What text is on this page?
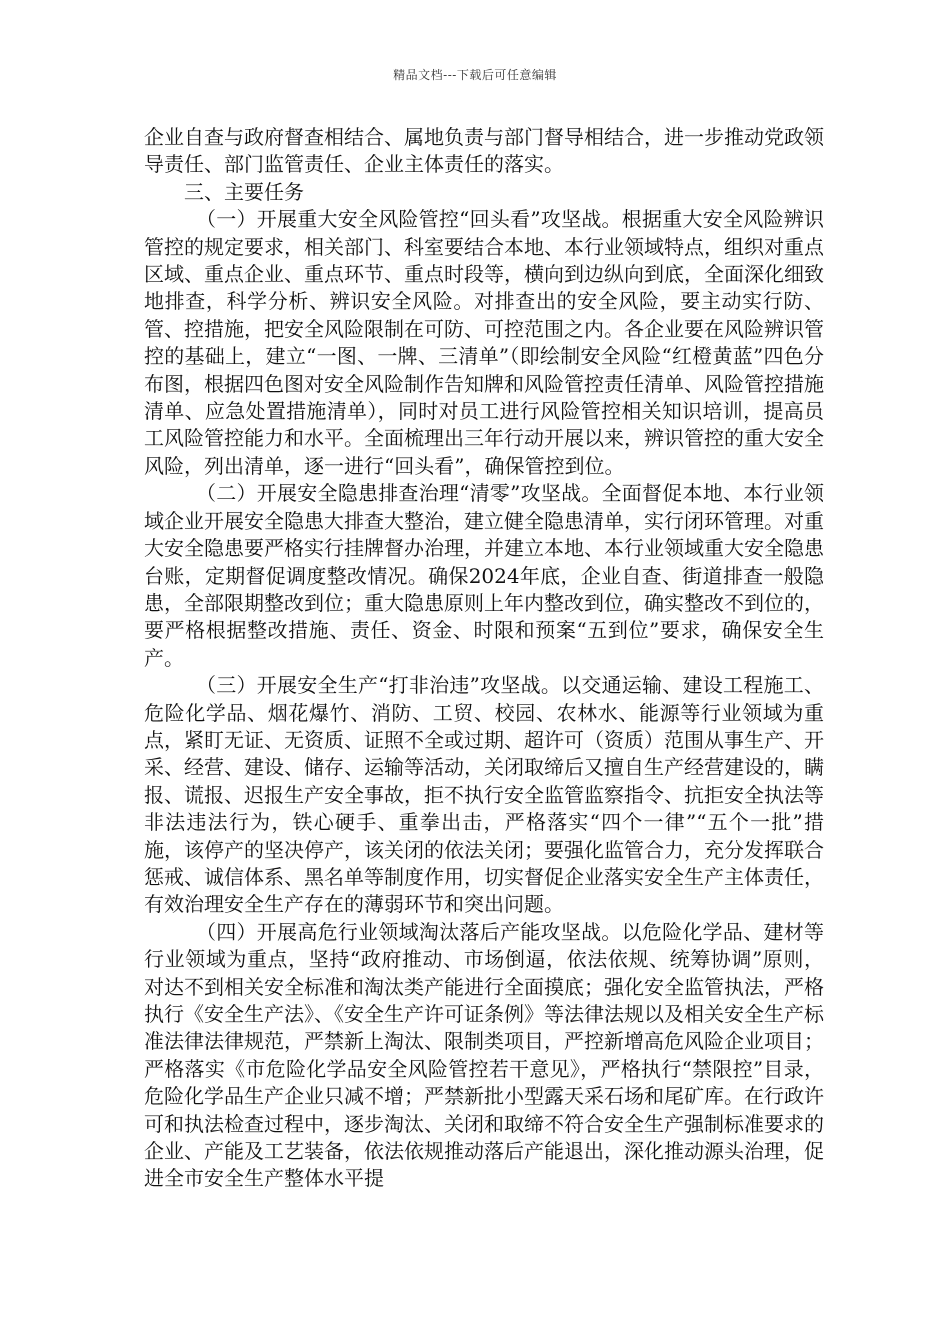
精品文档---下载后可任意编辑

企业自查与政府督查相结合、属地负责与部门督导相结合，进一步推动党政领导责任、部门监管责任、企业主体责任的落实。

三、主要任务

（一）开展重大安全风险管控“回头看”攻坚战。根据重大安全风险辨识管控的规定要求，相关部门、科室要结合本地、本行业领域特点，组织对重点区域、重点企业、重点环节、重点时段等，横向到边纵向到底，全面深化细致地排查，科学分析、辨识安全风险。对排查出的安全风险，要主动实行防、管、控措施，把安全风险限制在可防、可控范围之内。各企业要在风险辨识管控的基础上，建立“一图、一牌、三清单”（即绘制安全风险“红橙黄蓝”四色分布图，根据四色图对安全风险制作告知牌和风险管控责任清单、风险管控措施清单、应急处置措施清单），同时对员工进行风险管控相关知识培训，提高员工风险管控能力和水平。全面梳理出三年行动开展以来，辨识管控的重大安全风险，列出清单，逐一进行“回头看”，确保管控到位。

（二）开展安全隐患排查治理“清零”攻坚战。全面督促本地、本行业领域企业开展安全隐患大排查大整治，建立健全隐患清单，实行闭环管理。对重大安全隐患要严格实行挂牌督办治理，并建立本地、本行业领域重大安全隐患台账，定期督促调度整改情况。确保2024年底，企业自查、街道排查一般隐患，全部限期整改到位；重大隐患原则上年内整改到位，确实整改不到位的，要严格根据整改措施、责任、资金、时限和预案“五到位”要求，确保安全生产。

（三）开展安全生产“打非治违”攻坚战。以交通运输、建设工程施工、危险化学品、烟花爆竹、消防、工贸、校园、农林水、能源等行业领域为重点，紧盯无证、无资质、证照不全或过期、超许可（资质）范围从事生产、开采、经营、建设、储存、运输等活动，关闭取缔后又擅自生产经营建设的，瞒报、谎报、迟报生产安全事故，拒不执行安全监管监察指令、抗拒安全执法等非法违法行为，铁心硬手、重拳出击，严格落实“四个一律”“五个一批”措施，该停产的坚决停产，该关闭的依法关闭；要强化监管合力，充分发挥联合惩戒、诚信体系、黑名单等制度作用，切实督促企业落实安全生产主体责任，有效治理安全生产存在的薄弱环节和突出问题。

（四）开展高危行业领域淘汰落后产能攻坚战。以危险化学品、建材等行业领域为重点，坚持“政府推动、市场倒逼，依法依规、统筹协调”原则，对达不到相关安全标准和淘汰类产能进行全面摸底；强化安全监管执法，严格执行《安全生产法》、《安全生产许可证条例》等法律法规以及相关安全生产标准法律法律规范，严禁新上淘汰、限制类项目，严控新增高危风险企业项目；严格落实《市危险化学品安全风险管控若干意见》，严格执行“禁限控”目录，危险化学品生产企业只减不增；严禁新批小型露天采石场和尾矿库。在行政许可和执法检查过程中，逐步淘汰、关闭和取缔不符合安全生产强制标准要求的企业、产能及工艺装备，依法依规推动落后产能退出，深化推动源头治理，促进全市安全生产整体水平提
